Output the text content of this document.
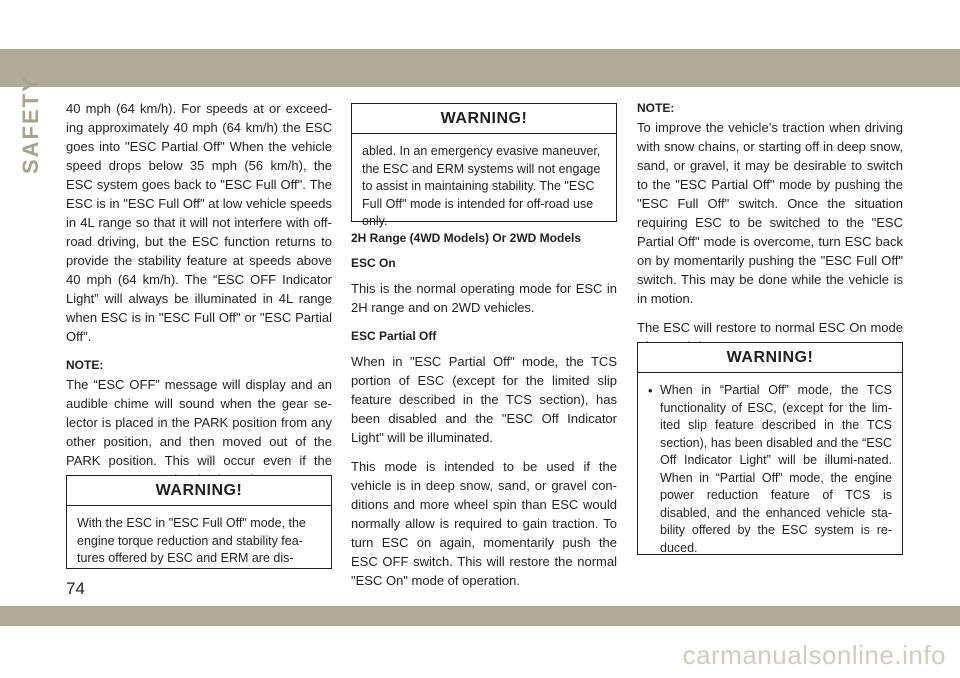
SAFETY 40 mph (64 km/h). For speeds at or exceed-ing approximately 40 mph (64 km/h) the ESC goes into "ESC Partial Off" When the vehicle speed drops below 35 mph (56 km/h), the ESC system goes back to "ESC Full Off". The ESC is in "ESC Full Off" at low vehicle speeds in 4L range so that it will not interfere with off-road driving, but the ESC function returns to provide the stability feature at speeds above 40 mph (64 km/h). The “ESC OFF Indicator Light” will always be illuminated in 4L range when ESC is in "ESC Full Off" or "ESC Partial Off".

NOTE:

The “ESC OFF” message will display and an audible chime will sound when the gear se-lector is placed in the PARK position from any other position, and then moved out of the PARK position. This will occur even if the

WARNING!

With the ESC in "ESC Full Off" mode, the engine torque reduction and stability fea-tures offered by ESC and ERM are dis-

WARNING!

abled. In an emergency evasive maneuver, the ESC and ERM systems will not engage to assist in maintaining stability. The "ESC Full Off" mode is intended for off-road use only.

2H Range (4WD Models) Or 2WD Models
ESC On

This is the normal operating mode for ESC in 2H range and on 2WD vehicles.

ESC Partial Off

When in "ESC Partial Off" mode, the TCS portion of ESC (except for the limited slip feature described in the TCS section), has been disabled and the "ESC Off Indicator Light" will be illuminated.

This mode is intended to be used if the vehicle is in deep snow, sand, or gravel con-ditions and more wheel spin than ESC would normally allow is required to gain traction. To turn ESC on again, momentarily push the ESC OFF switch. This will restore the normal "ESC On" mode of operation.

NOTE:

To improve the vehicle’s traction when driving with snow chains, or starting off in deep snow, sand, or gravel, it may be desirable to switch to the "ESC Partial Off" mode by pushing the "ESC Full Off" switch. Once the situation requiring ESC to be switched to the "ESC Partial Off" mode is overcome, turn ESC back on by momentarily pushing the "ESC Full Off" switch. This may be done while the vehicle is in motion.

The ESC will restore to normal ESC On mode

WARNING!
• When in “Partial Off” mode, the TCS functionality of ESC, (except for the lim-ited slip feature described in the TCS section), has been disabled and the “ESC Off Indicator Light” will be illumi-nated. When in “Partial Off” mode, the engine power reduction feature of TCS is disabled, and the enhanced vehicle sta-bility offered by the ESC system is re-duced.
74
carmanualsonline.info
